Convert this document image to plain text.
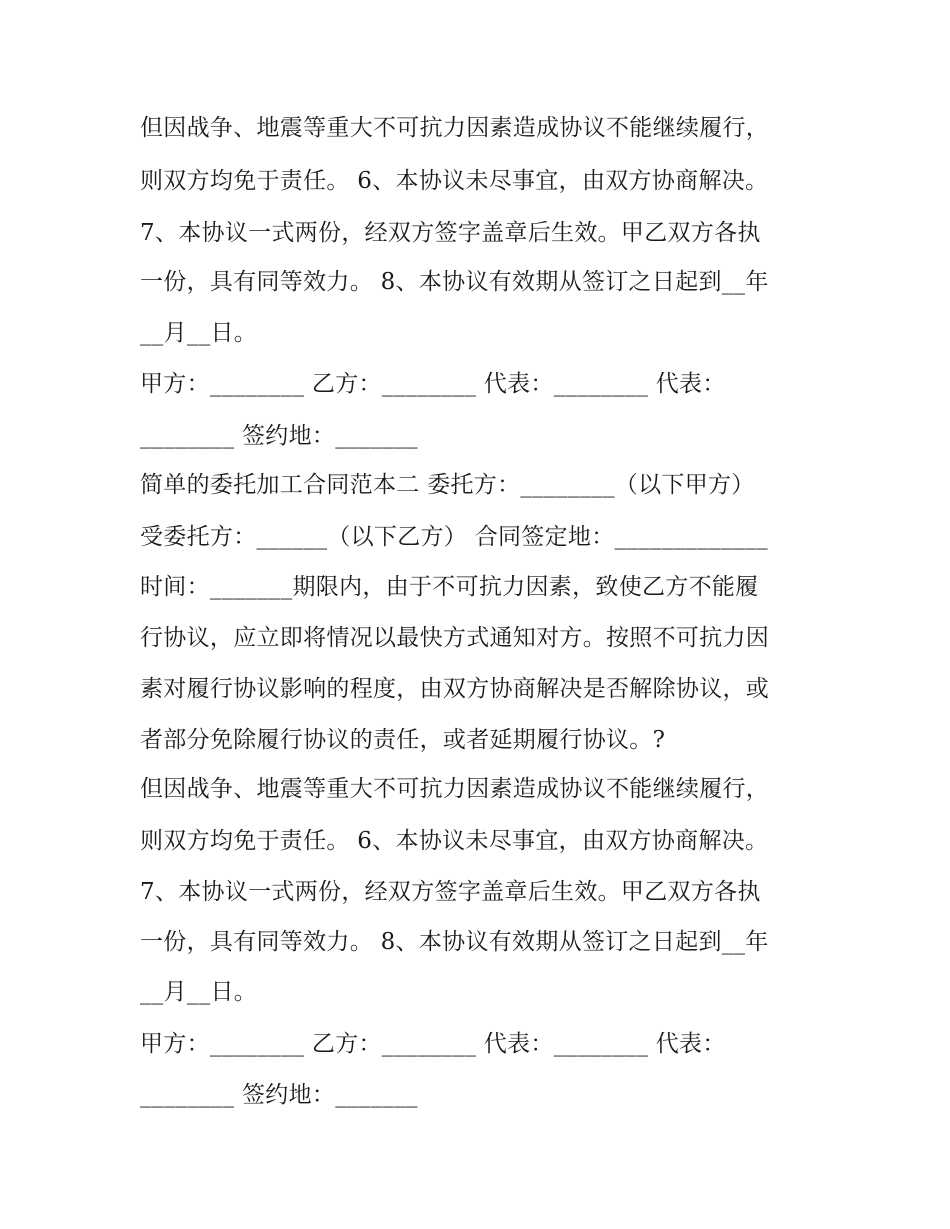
但因战争、地震等重大不可抗力因素造成协议不能继续履行，
则双方均免于责任。 6、本协议未尽事宜，由双方协商解决。
7、本协议一式两份，经双方签字盖章后生效。甲乙双方各执
一份，具有同等效力。 8、本协议有效期从签订之日起到__年
__月__日。
甲方：________ 乙方：________ 代表：________ 代表：
________ 签约地：_______
简单的委托加工合同范本二 委托方：________（以下甲方）
受委托方：______（以下乙方） 合同签定地：_____________
时间：_______期限内，由于不可抗力因素，致使乙方不能履
行协议，应立即将情况以最快方式通知对方。按照不可抗力因
素对履行协议影响的程度，由双方协商解决是否解除协议，或
者部分免除履行协议的责任，或者延期履行协议。?
但因战争、地震等重大不可抗力因素造成协议不能继续履行，
则双方均免于责任。 6、本协议未尽事宜，由双方协商解决。
7、本协议一式两份，经双方签字盖章后生效。甲乙双方各执
一份，具有同等效力。 8、本协议有效期从签订之日起到__年
__月__日。
甲方：________ 乙方：________ 代表：________ 代表：
________ 签约地：_______
